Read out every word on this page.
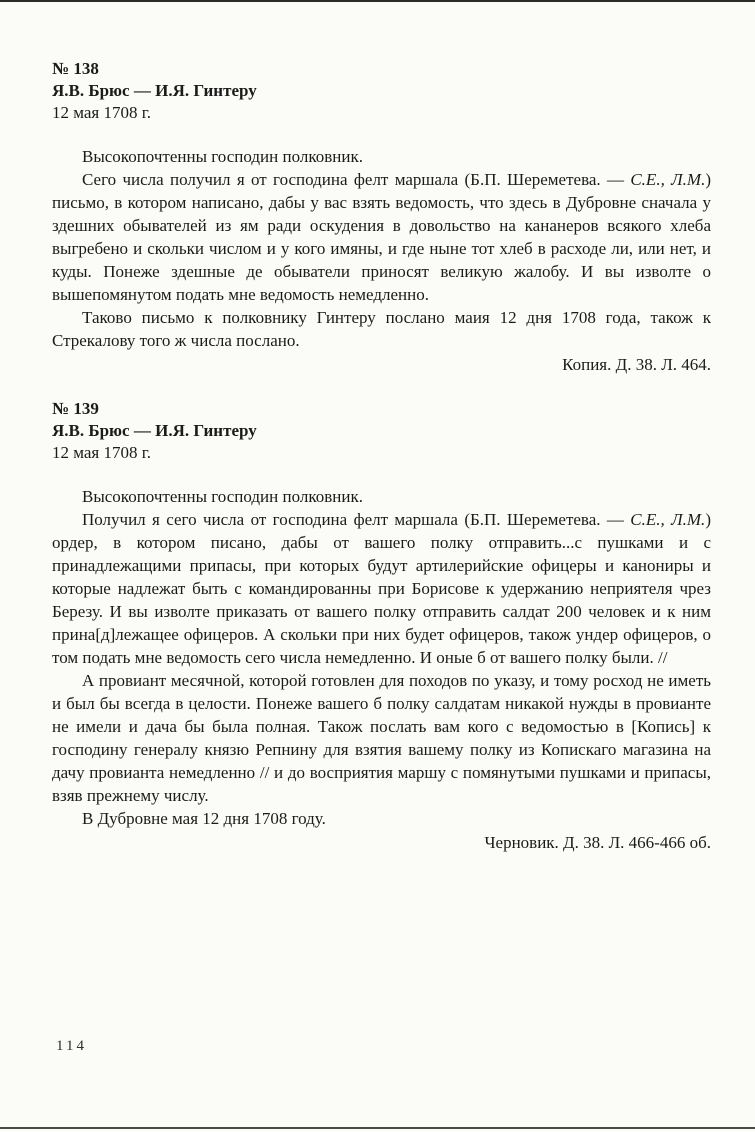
№ 138
Я.В. Брюс — И.Я. Гинтеру
12 мая 1708 г.

Высокопочтенны господин полковник.

Сего числа получил я от господина фелт маршала (Б.П. Шереметева. — С.Е., Л.М.) письмо, в котором написано, дабы у вас взять ведомость, что здесь в Дубровне сначала у здешних обывателей из ям ради оскудения в довольство на кананеров всякого хлеба выгребено и скольки числом и у кого имяны, и где ныне тот хлеб в расходе ли, или нет, и куды. Понеже здешные де обыватели приносят великую жалобу. И вы изволте о вышепомянутом подать мне ведомость немедленно.

Таково письмо к полковнику Гинтеру послано маия 12 дня 1708 года, також к Стрекалову того ж числа послано.

Копия. Д. 38. Л. 464.
№ 139
Я.В. Брюс — И.Я. Гинтеру
12 мая 1708 г.

Высокопочтенны господин полковник.

Получил я сего числа от господина фелт маршала (Б.П. Шереметева. — С.Е., Л.М.) ордер, в котором писано, дабы от вашего полку отправить...с пушками и с принадлежащими припасы, при которых будут артилерийские офицеры и канониры и которые надлежат быть с командированны при Борисове к удержанию неприятеля чрез Березу. И вы изволте приказать от вашего полку отправить салдат 200 человек и к ним прина[д]лежащее офицеров. А скольки при них будет офицеров, також ундер офицеров, о том подать мне ведомость сего числа немедленно. И оные б от вашего полку были. //

А провиант месячной, которой готовлен для походов по указу, и тому росход не иметь и был бы всегда в целости. Понеже вашего б полку салдатам никакой нужды в провианте не имели и дача бы была полная. Також послать вам кого с ведомостью в [Копись] к господину генералу князю Репнину для взятия вашему полку из Копискаго магазина на дачу провианта немедленно // и до восприятия маршу с помянутыми пушками и припасы, взяв прежнему числу.

В Дубровне мая 12 дня 1708 году.

Черновик. Д. 38. Л. 466-466 об.
114
